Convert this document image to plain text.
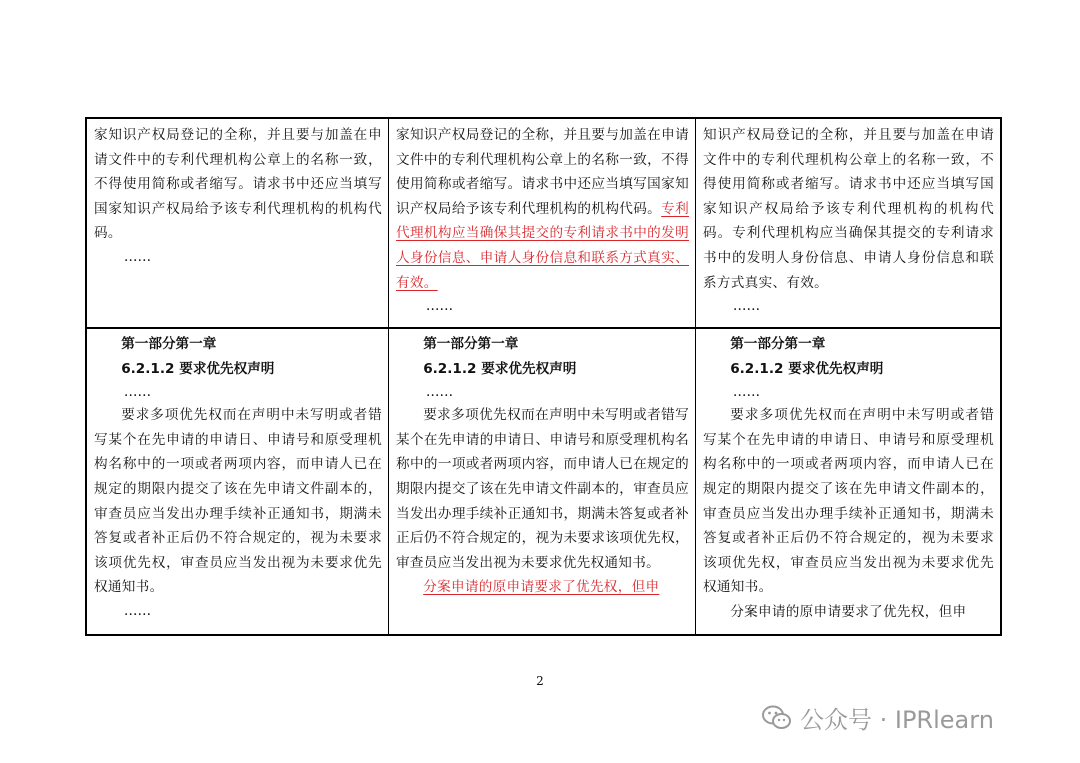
家知识产权局登记的全称，并且要与加盖在申请文件中的专利代理机构公章上的名称一致，不得使用简称或者缩写。请求书中还应当填写国家知识产权局给予该专利代理机构的机构代码。

……

家知识产权局登记的全称，并且要与加盖在申请文件中的专利代理机构公章上的名称一致，不得使用简称或者缩写。请求书中还应当填写国家知识产权局给予该专利代理机构的机构代码。专利代理机构应当确保其提交的专利请求书中的发明人身份信息、申请人身份信息和联系方式真实、有效。

……

知识产权局登记的全称，并且要与加盖在申请文件中的专利代理机构公章上的名称一致，不得使用简称或者缩写。请求书中还应当填写国家知识产权局给予该专利代理机构的机构代码。专利代理机构应当确保其提交的专利请求书中的发明人身份信息、申请人身份信息和联系方式真实、有效。

……
第一部分第一章
6.2.1.2 要求优先权声明
……

要求多项优先权而在声明中未写明或者错写某个在先申请的申请日、申请号和原受理机构名称中的一项或者两项内容，而申请人已在规定的期限内提交了该在先申请文件副本的，审查员应当发出办理手续补正通知书，期满未答复或者补正后仍不符合规定的，视为未要求该项优先权，审查员应当发出视为未要求优先权通知书。

……
第一部分第一章
6.2.1.2 要求优先权声明
……

要求多项优先权而在声明中未写明或者错写某个在先申请的申请日、申请号和原受理机构名称中的一项或者两项内容，而申请人已在规定的期限内提交了该在先申请文件副本的，审查员应当发出办理手续补正通知书，期满未答复或者补正后仍不符合规定的，视为未要求该项优先权，审查员应当发出视为未要求优先权通知书。

分案申请的原申请要求了优先权，但申

第一部分第一章
6.2.1.2 要求优先权声明
……

要求多项优先权而在声明中未写明或者错写某个在先申请的申请日、申请号和原受理机构名称中的一项或者两项内容，而申请人已在规定的期限内提交了该在先申请文件副本的，审查员应当发出办理手续补正通知书，期满未答复或者补正后仍不符合规定的，视为未要求该项优先权，审查员应当发出视为未要求优先权通知书。

分案申请的原申请要求了优先权，但申

2
公众号 · IPRlearn
